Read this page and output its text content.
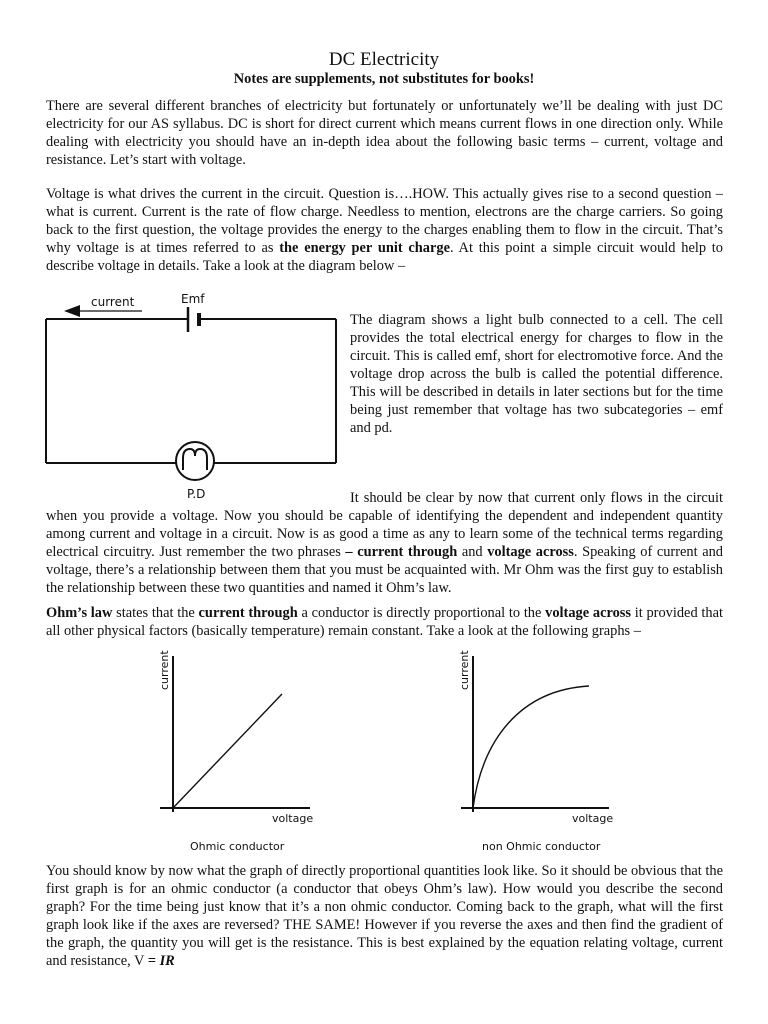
DC Electricity
Notes are supplements, not substitutes for books!

There are several different branches of electricity but fortunately or unfortunately we’ll be dealing with just DC electricity for our AS syllabus. DC is short for direct current which means current flows in one direction only. While dealing with electricity you should have an in-depth idea about the following basic terms – current, voltage and resistance. Let’s start with voltage.

Voltage is what drives the current in the circuit. Question is….HOW. This actually gives rise to a second question – what is current. Current is the rate of flow charge. Needless to mention, electrons are the charge carriers. So going back to the first question, the voltage provides the energy to the charges enabling them to flow in the circuit. That’s why voltage is at times referred to as the energy per unit charge. At this point a simple circuit would help to describe voltage in details. Take a look at the diagram below –

The diagram shows a light bulb connected to a cell. The cell provides the total electrical energy for charges to flow in the circuit. This is called emf, short for electromotive force. And the voltage drop across the bulb is called the potential difference. This will be described in details in later sections but for the time being just remember that voltage has two subcategories – emf and pd.

It should be clear by now that current only flows in the circuit when you provide a voltage. Now you should be capable of identifying the dependent and independent quantity among current and voltage in a circuit. Now is as good a time as any to learn some of the technical terms regarding electrical circuitry. Just remember the two phrases – current through and voltage across. Speaking of current and voltage, there’s a relationship between them that you must be acquainted with. Mr Ohm was the first guy to establish the relationship between these two quantities and named it Ohm’s law.

Ohm’s law states that the current through a conductor is directly proportional to the voltage across it provided that all other physical factors (basically temperature) remain constant. Take a look at the following graphs –

You should know by now what the graph of directly proportional quantities look like. So it should be obvious that the first graph is for an ohmic conductor (a conductor that obeys Ohm’s law). How would you describe the second graph? For the time being just know that it’s a non ohmic conductor. Coming back to the graph, what will the first graph look like if the axes are reversed? THE SAME! However if you reverse the axes and then find the gradient of the graph, the quantity you will get is the resistance. This is best explained by the equation relating voltage, current and resistance, V = IR

current	Emf
P.D
current
voltage
Ohmic conductor
current
voltage
non Ohmic conductor
